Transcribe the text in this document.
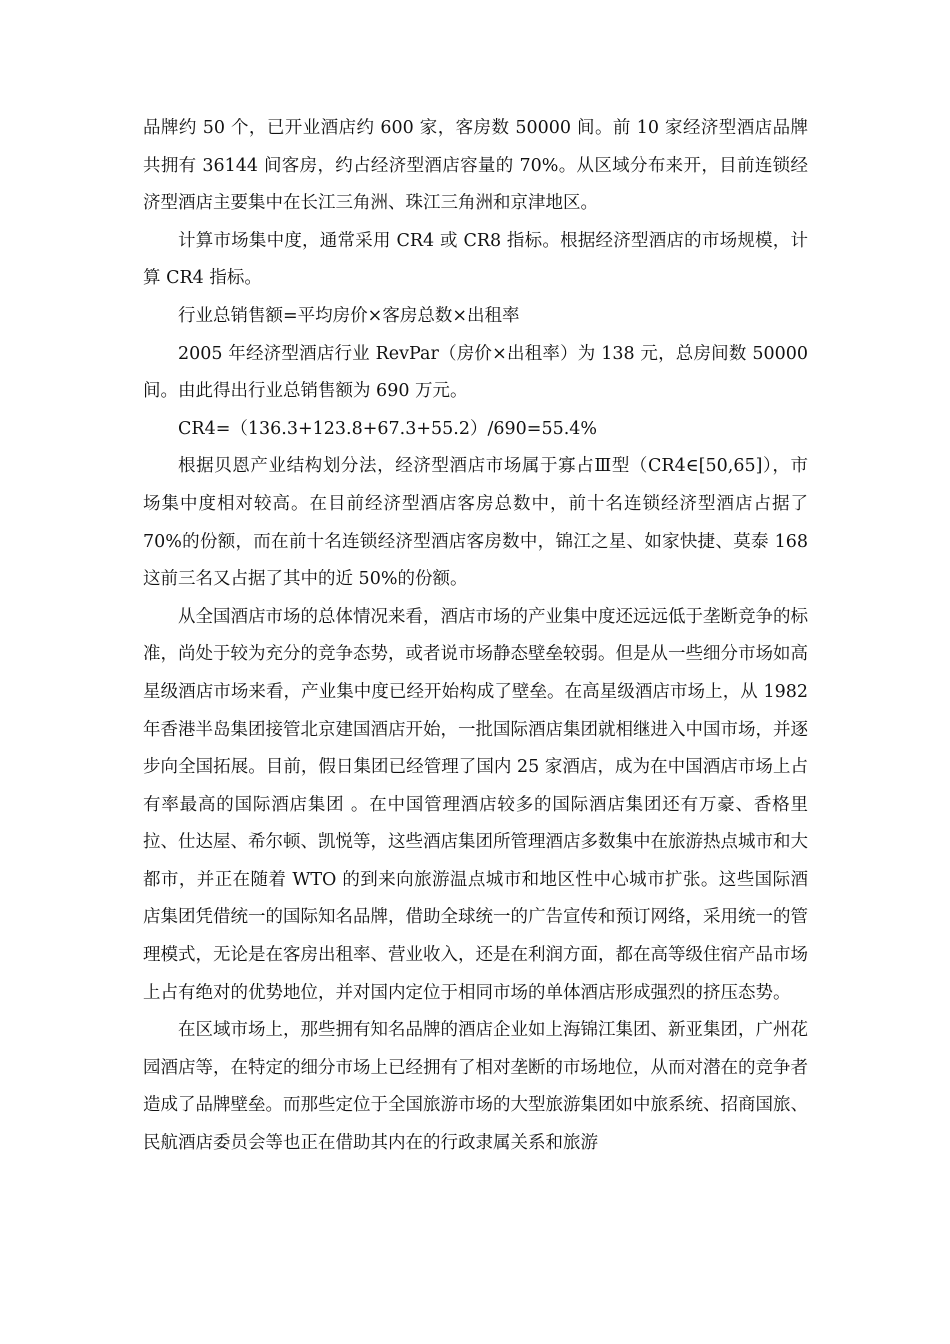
品牌约 50 个，已开业酒店约 600 家，客房数 50000 间。前 10 家经济型酒店品牌共拥有 36144 间客房，约占经济型酒店容量的 70%。从区域分布来开，目前连锁经济型酒店主要集中在长江三角洲、珠江三角洲和京津地区。

计算市场集中度，通常采用 CR4 或 CR8 指标。根据经济型酒店的市场规模，计算 CR4 指标。

行业总销售额=平均房价×客房总数×出租率

2005 年经济型酒店行业 RevPar（房价×出租率）为 138 元，总房间数 50000 间。由此得出行业总销售额为 690 万元。

CR4=（136.3+123.8+67.3+55.2）/690=55.4%

根据贝恩产业结构划分法，经济型酒店市场属于寡占Ⅲ型（CR4∈[50,65]），市场集中度相对较高。在目前经济型酒店客房总数中，前十名连锁经济型酒店占据了 70%的份额，而在前十名连锁经济型酒店客房数中，锦江之星、如家快捷、莫泰 168 这前三名又占据了其中的近 50%的份额。

从全国酒店市场的总体情况来看，酒店市场的产业集中度还远远低于垄断竞争的标准，尚处于较为充分的竞争态势，或者说市场静态壁垒较弱。但是从一些细分市场如高星级酒店市场来看，产业集中度已经开始构成了壁垒。在高星级酒店市场上，从 1982 年香港半岛集团接管北京建国酒店开始，一批国际酒店集团就相继进入中国市场，并逐步向全国拓展。目前，假日集团已经管理了国内 25 家酒店，成为在中国酒店市场上占有率最高的国际酒店集团 。在中国管理酒店较多的国际酒店集团还有万豪、香格里拉、仕达屋、希尔顿、凯悦等，这些酒店集团所管理酒店多数集中在旅游热点城市和大都市，并正在随着 WTO 的到来向旅游温点城市和地区性中心城市扩张。这些国际酒店集团凭借统一的国际知名品牌，借助全球统一的广告宣传和预订网络，采用统一的管理模式，无论是在客房出租率、营业收入，还是在利润方面，都在高等级住宿产品市场上占有绝对的优势地位，并对国内定位于相同市场的单体酒店形成强烈的挤压态势。

在区域市场上，那些拥有知名品牌的酒店企业如上海锦江集团、新亚集团，广州花园酒店等，在特定的细分市场上已经拥有了相对垄断的市场地位，从而对潜在的竞争者造成了品牌壁垒。而那些定位于全国旅游市场的大型旅游集团如中旅系统、招商国旅、民航酒店委员会等也正在借助其内在的行政隶属关系和旅游
